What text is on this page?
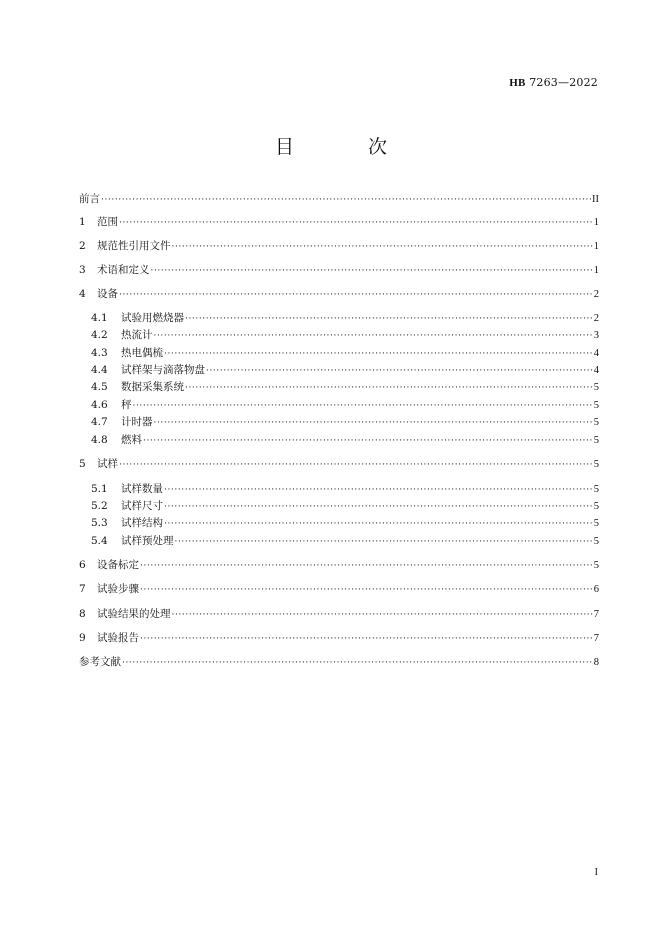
HB 7263—2022
目 次
前言 ·····	II
1	范围 ·····	1
2	规范性引用文件 ·····	1
3	术语和定义 ·····	1
4	设备 ·····	2
4.1	试验用燃烧器 ·····	2
4.2	热流计 ·····	3
4.3	热电偶梳 ·····	4
4.4	试样架与滴落物盘 ·····	4
4.5	数据采集系统 ·····	5
4.6	秤 ·····	5
4.7	计时器 ·····	5
4.8	燃料 ·····	5
5	试样 ·····	5
5.1	试样数量 ·····	5
5.2	试样尺寸 ·····	5
5.3	试样结构 ·····	5
5.4	试样预处理 ·····	5
6	设备标定 ·····	5
7	试验步骤 ·····	6
8	试验结果的处理 ·····	7
9	试验报告 ·····	7
参考文献 ·····	8
I
